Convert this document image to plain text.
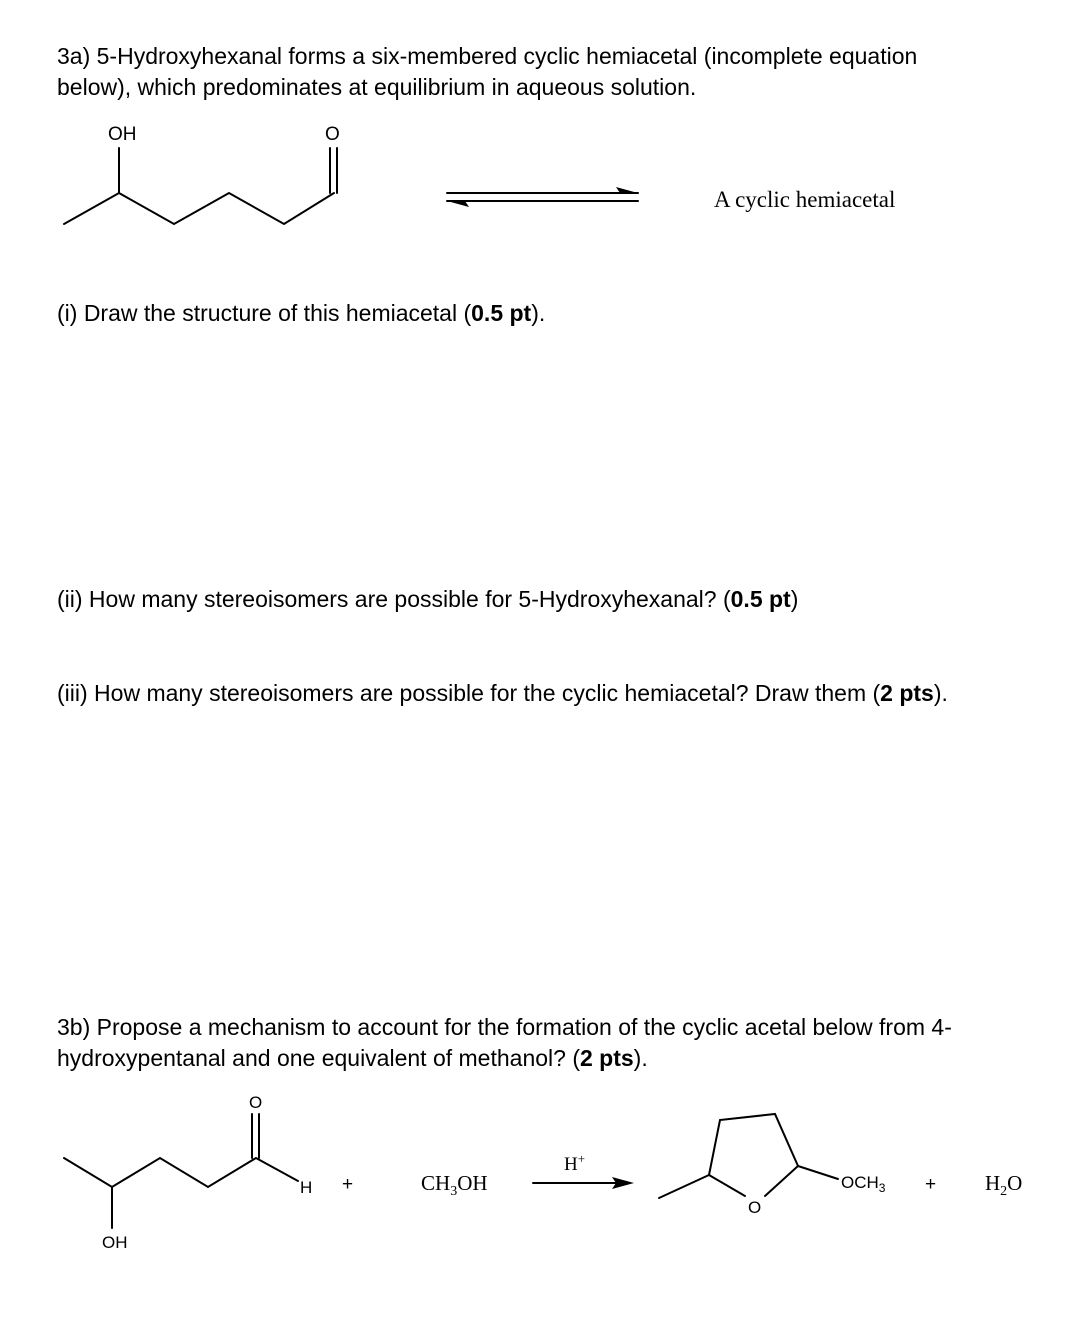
3a) 5-Hydroxyhexanal forms a six-membered cyclic hemiacetal (incomplete equation

below), which predominates at equilibrium in aqueous solution.

OH	O
A cyclic hemiacetal

(i) Draw the structure of this hemiacetal (0.5 pt).

(ii) How many stereoisomers are possible for 5-Hydroxyhexanal? (0.5 pt)

(iii) How many stereoisomers are possible for the cyclic hemiacetal? Draw them (2 pts).

3b) Propose a mechanism to account for the formation of the cyclic acetal below from 4-

hydroxypentanal and one equivalent of methanol? (2 pts).

O
H +	$CH_3OH$
H+
O
$OCH_3 + H_2O$
OH
